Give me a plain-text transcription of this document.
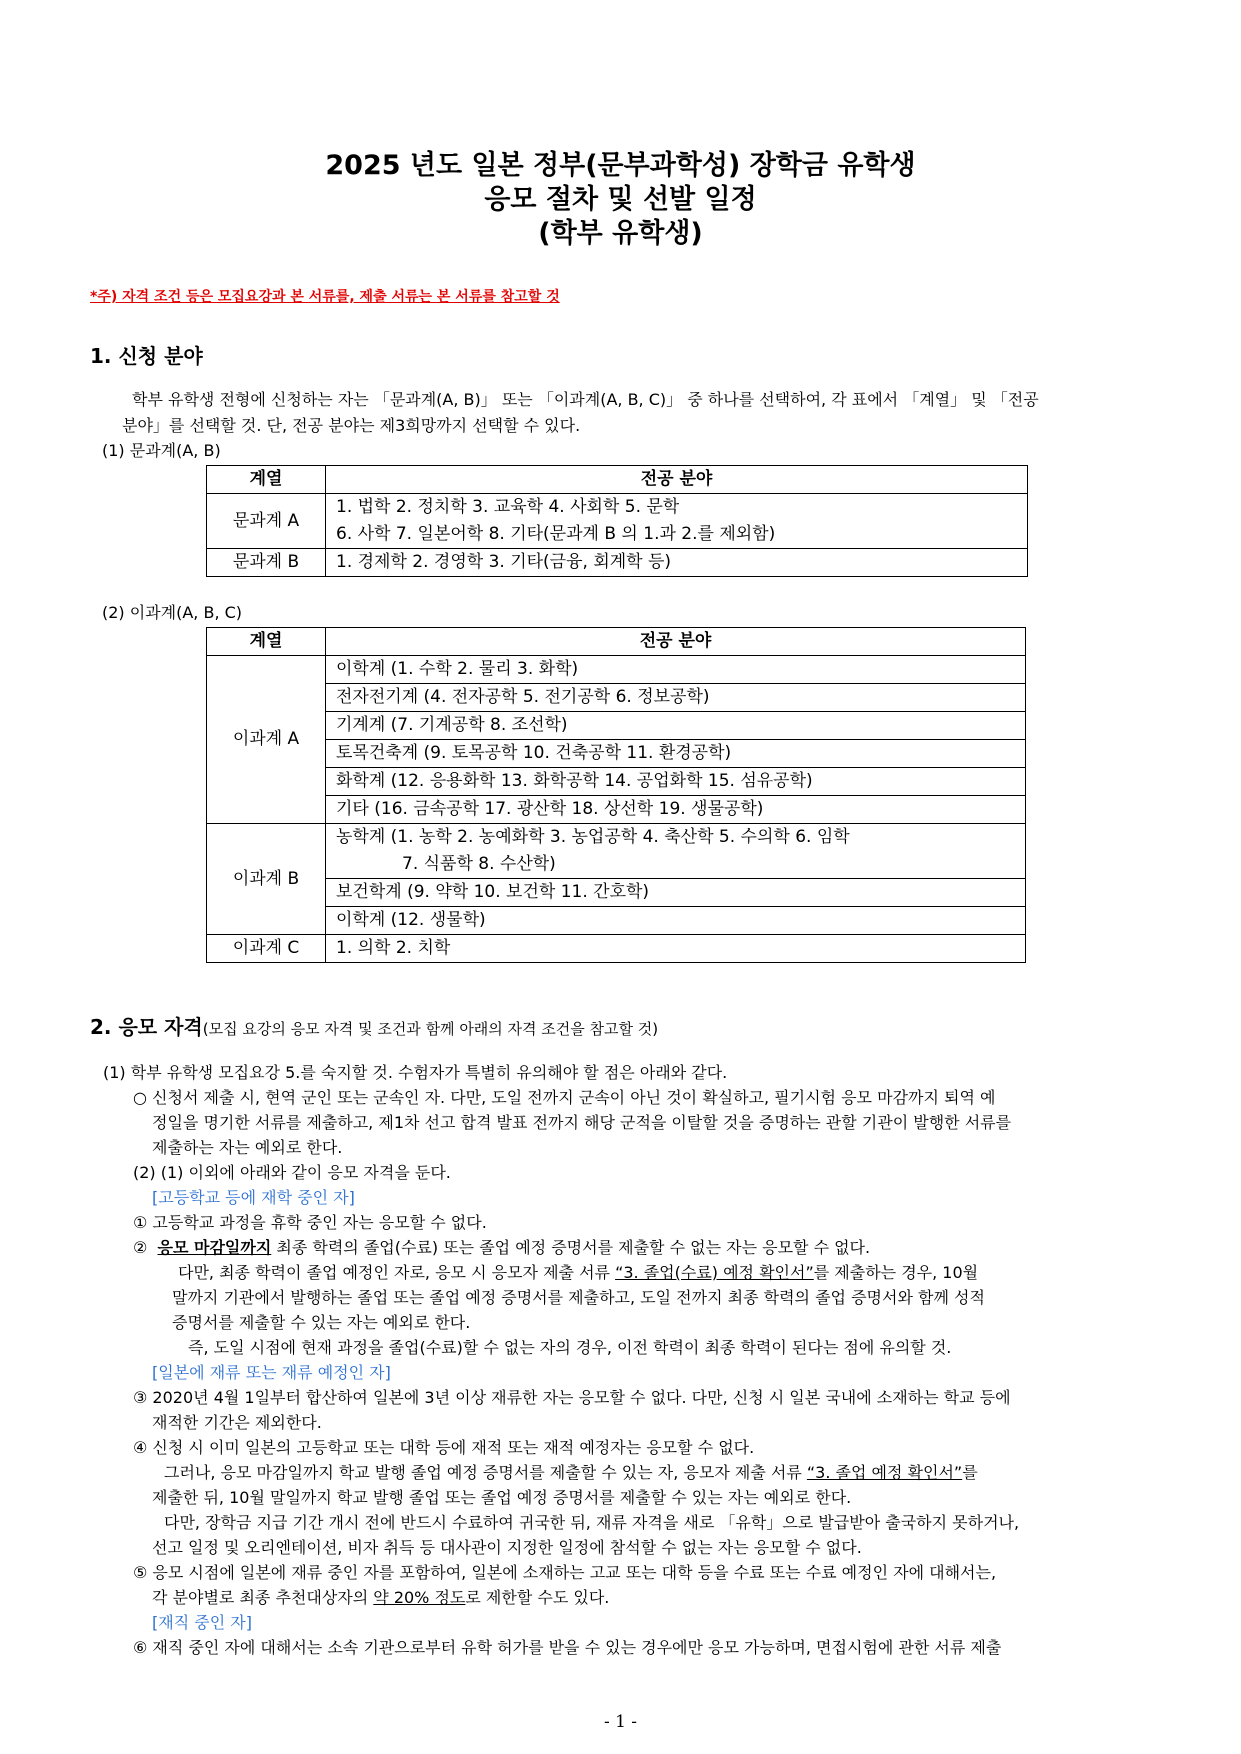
2025 년도 일본 정부(문부과학성) 장학금 유학생
응모 절차 및 선발 일정
(학부 유학생)
*주) 자격 조건 등은 모집요강과 본 서류를, 제출 서류는 본 서류를 참고할 것
1. 신청 분야
학부 유학생 전형에 신청하는 자는 「문과계(A, B)」 또는 「이과계(A, B, C)」 중 하나를 선택하여, 각 표에서 「계열」 및 「전공
분야」를 선택할 것. 단, 전공 분야는 제3희망까지 선택할 수 있다.
(1) 문과계(A, B)
계열	전공 분야
문과계 A	1. 법학 2. 정치학 3. 교육학 4. 사회학 5. 문학
6. 사학 7. 일본어학 8. 기타(문과계 B 의 1.과 2.를 제외함)

문과계 B	1. 경제학 2. 경영학 3. 기타(금융, 회계학 등)
(2) 이과계(A, B, C)
계열	전공 분야
이과계 A	이학계 (1. 수학 2. 물리 3. 화학)
	전자전기계 (4. 전자공학 5. 전기공학 6. 정보공학)
	기계계 (7. 기계공학 8. 조선학)
	토목건축계 (9. 토목공학 10. 건축공학 11. 환경공학)
	화학계 (12. 응용화학 13. 화학공학 14. 공업화학 15. 섬유공학)
	기타 (16. 금속공학 17. 광산학 18. 상선학 19. 생물공학)
이과계 B	농학계 (1. 농학 2. 농예화학 3. 농업공학 4. 축산학 5. 수의학 6. 임학
7. 식품학 8. 수산학)

	보건학계 (9. 약학 10. 보건학 11. 간호학)
	이학계 (12. 생물학)
이과계 C	1. 의학 2. 치학
2. 응모 자격(모집 요강의 응모 자격 및 조건과 함께 아래의 자격 조건을 참고할 것)
(1) 학부 유학생 모집요강 5.를 숙지할 것. 수험자가 특별히 유의해야 할 점은 아래와 같다.
○ 신청서 제출 시, 현역 군인 또는 군속인 자. 다만, 도일 전까지 군속이 아닌 것이 확실하고, 필기시험 응모 마감까지 퇴역 예
정일을 명기한 서류를 제출하고, 제1차 선고 합격 발표 전까지 해당 군적을 이탈할 것을 증명하는 관할 기관이 발행한 서류를
제출하는 자는 예외로 한다.
(2) (1) 이외에 아래와 같이 응모 자격을 둔다.
[고등학교 등에 재학 중인 자]
① 고등학교 과정을 휴학 중인 자는 응모할 수 없다.
② 응모 마감일까지 최종 학력의 졸업(수료) 또는 졸업 예정 증명서를 제출할 수 없는 자는 응모할 수 없다.
다만, 최종 학력이 졸업 예정인 자로, 응모 시 응모자 제출 서류 “3. 졸업(수료) 예정 확인서”를 제출하는 경우, 10월
말까지 기관에서 발행하는 졸업 또는 졸업 예정 증명서를 제출하고, 도일 전까지 최종 학력의 졸업 증명서와 함께 성적
증명서를 제출할 수 있는 자는 예외로 한다.
즉, 도일 시점에 현재 과정을 졸업(수료)할 수 없는 자의 경우, 이전 학력이 최종 학력이 된다는 점에 유의할 것.
[일본에 재류 또는 재류 예정인 자]
③ 2020년 4월 1일부터 합산하여 일본에 3년 이상 재류한 자는 응모할 수 없다. 다만, 신청 시 일본 국내에 소재하는 학교 등에
재적한 기간은 제외한다.
④ 신청 시 이미 일본의 고등학교 또는 대학 등에 재적 또는 재적 예정자는 응모할 수 없다.
그러나, 응모 마감일까지 학교 발행 졸업 예정 증명서를 제출할 수 있는 자, 응모자 제출 서류 “3. 졸업 예정 확인서”를
제출한 뒤, 10월 말일까지 학교 발행 졸업 또는 졸업 예정 증명서를 제출할 수 있는 자는 예외로 한다.
다만, 장학금 지급 기간 개시 전에 반드시 수료하여 귀국한 뒤, 재류 자격을 새로 「유학」으로 발급받아 출국하지 못하거나,
선고 일정 및 오리엔테이션, 비자 취득 등 대사관이 지정한 일정에 참석할 수 없는 자는 응모할 수 없다.
⑤ 응모 시점에 일본에 재류 중인 자를 포함하여, 일본에 소재하는 고교 또는 대학 등을 수료 또는 수료 예정인 자에 대해서는,
각 분야별로 최종 추천대상자의 약 20% 정도로 제한할 수도 있다.
[재직 중인 자]
⑥ 재직 중인 자에 대해서는 소속 기관으로부터 유학 허가를 받을 수 있는 경우에만 응모 가능하며, 면접시험에 관한 서류 제출
- 1 -
